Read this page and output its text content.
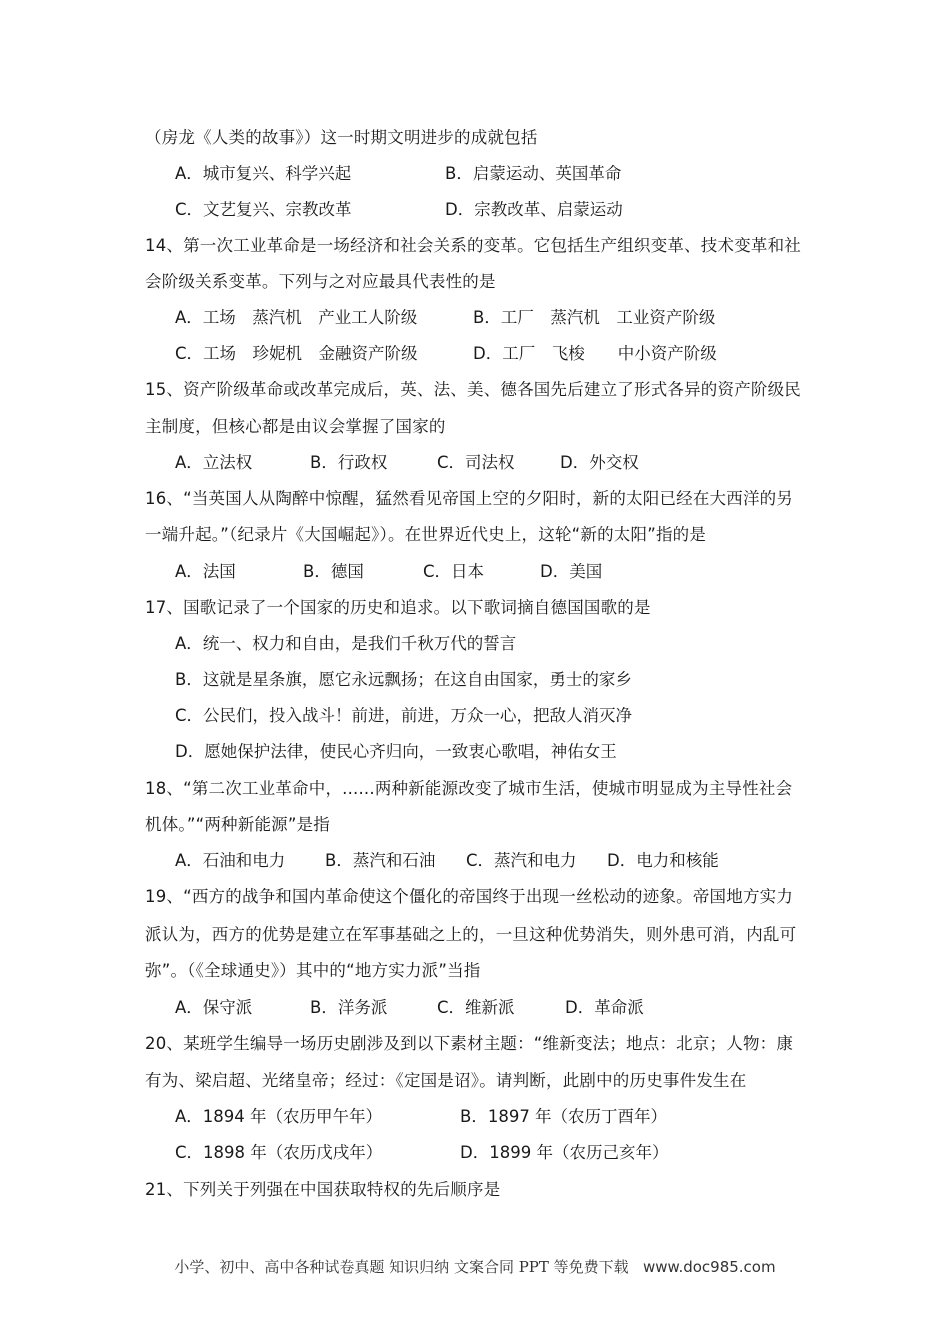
（房龙《人类的故事》）这一时期文明进步的成就包括
A．城市复兴、科学兴起	B．启蒙运动、英国革命
C．文艺复兴、宗教改革	D．宗教改革、启蒙运动
14、第一次工业革命是一场经济和社会关系的变革。它包括生产组织变革、技术变革和社
会阶级关系变革。下列与之对应最具代表性的是
A．工场　蒸汽机　产业工人阶级	B．工厂　蒸汽机　工业资产阶级
C．工场　珍妮机　金融资产阶级	D．工厂　飞梭　　中小资产阶级
15、资产阶级革命或改革完成后，英、法、美、德各国先后建立了形式各异的资产阶级民
主制度，但核心都是由议会掌握了国家的
A．立法权	B．行政权	C．司法权	D．外交权
16、“当英国人从陶醉中惊醒，猛然看见帝国上空的夕阳时，新的太阳已经在大西洋的另
一端升起。”（纪录片《大国崛起》）。在世界近代史上，这轮“新的太阳”指的是
A．法国	B．德国	C．日本	D．美国
17、国歌记录了一个国家的历史和追求。以下歌词摘自德国国歌的是
A．统一、权力和自由，是我们千秋万代的誓言
B．这就是星条旗，愿它永远飘扬；在这自由国家，勇士的家乡
C．公民们，投入战斗！前进，前进，万众一心，把敌人消灭净
D．愿她保护法律，使民心齐归向，一致衷心歌唱，神佑女王
18、“第二次工业革命中，......两种新能源改变了城市生活，使城市明显成为主导性社会
机体。”“两种新能源”是指
A．石油和电力 B．蒸汽和石油 C．蒸汽和电力 D．电力和核能
19、“西方的战争和国内革命使这个僵化的帝国终于出现一丝松动的迹象。帝国地方实力
派认为，西方的优势是建立在军事基础之上的，一旦这种优势消失，则外患可消，内乱可
弥”。（《全球通史》）其中的“地方实力派”当指
A．保守派	B．洋务派	C．维新派	D．革命派
20、某班学生编导一场历史剧涉及到以下素材主题：“维新变法；地点：北京；人物：康
有为、梁启超、光绪皇帝；经过：《定国是诏》。请判断，此剧中的历史事件发生在
A．1894 年（农历甲午年）	B．1897 年（农历丁酉年）
C．1898 年（农历戊戌年）	D．1899 年（农历己亥年）
21、下列关于列强在中国获取特权的先后顺序是
小学、初中、高中各种试卷真题 知识归纳 文案合同 PPT 等免费下载 www.doc985.com
